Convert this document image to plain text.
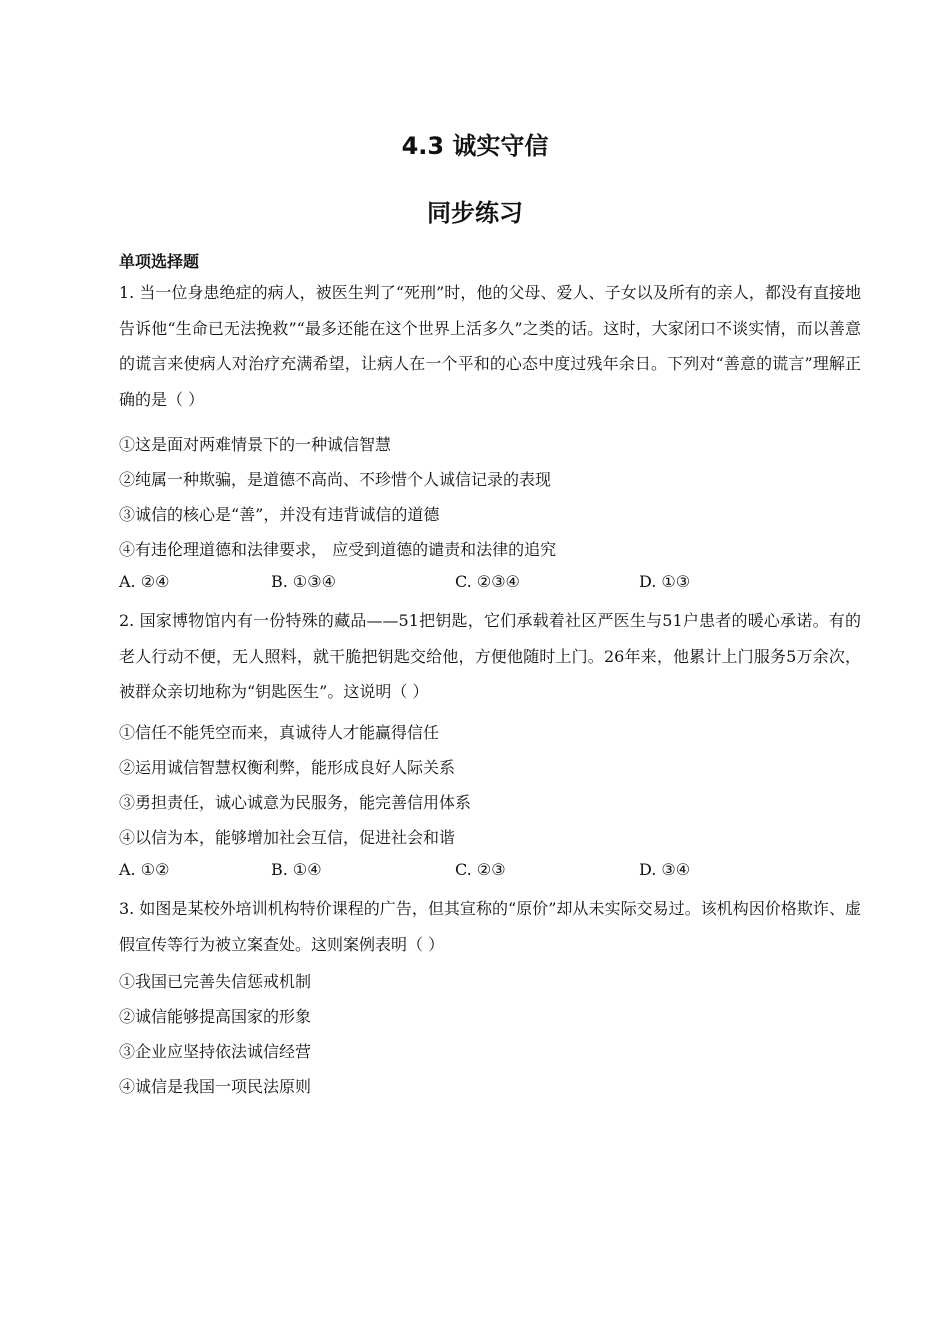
4.3 诚实守信
同步练习
单项选择题
1. 当一位身患绝症的病人，被医生判了“死刑”时，他的父母、爱人、子女以及所有的亲人，都没有直接地告诉他“生命已无法挽救”“最多还能在这个世界上活多久”之类的话。这时，大家闭口不谈实情，而以善意的谎言来使病人对治疗充满希望，让病人在一个平和的心态中度过残年余日。下列对“善意的谎言”理解正确的是（ ）
①这是面对两难情景下的一种诚信智慧
②纯属一种欺骗，是道德不高尚、不珍惜个人诚信记录的表现
③诚信的核心是“善”，并没有违背诚信的道德
④有违伦理道德和法律要求， 应受到道德的谴责和法律的追究
A. ②④	B. ①③④	C. ②③④	D. ①③
2. 国家博物馆内有一份特殊的藏品——51把钥匙，它们承载着社区严医生与51户患者的暖心承诺。有的老人行动不便，无人照料，就干脆把钥匙交给他，方便他随时上门。26年来，他累计上门服务5万余次，被群众亲切地称为“钥匙医生”。这说明（ ）
①信任不能凭空而来，真诚待人才能赢得信任
②运用诚信智慧权衡利弊，能形成良好人际关系
③勇担责任，诚心诚意为民服务，能完善信用体系
④以信为本，能够增加社会互信，促进社会和谐
A. ①②	B. ①④	C. ②③	D. ③④
3. 如图是某校外培训机构特价课程的广告，但其宣称的“原价”却从未实际交易过。该机构因价格欺诈、虚假宣传等行为被立案查处。这则案例表明（ ）
①我国已完善失信惩戒机制
②诚信能够提高国家的形象
③企业应坚持依法诚信经营
④诚信是我国一项民法原则
